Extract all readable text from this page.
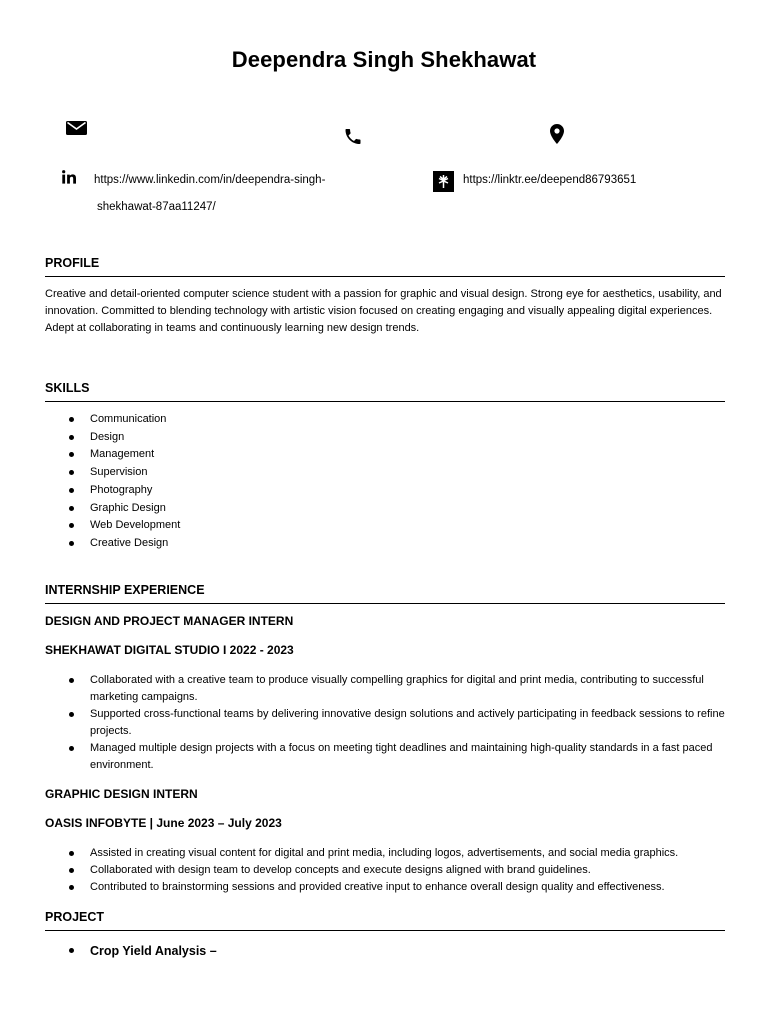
Deependra Singh Shekhawat
https://www.linkedin.com/in/deependra-singh-
shekhawat-87aa11247/
https://linktr.ee/deepend86793651
PROFILE
Creative and detail-oriented computer science student with a passion for graphic and visual design. Strong eye for aesthetics, usability, and innovation. Committed to blending technology with artistic vision focused on creating engaging and visually appealing digital experiences. Adept at collaborating in teams and continuously learning new design trends.
SKILLS
Communication
Design
Management
Supervision
Photography
Graphic Design
Web Development
Creative Design
INTERNSHIP EXPERIENCE
DESIGN AND PROJECT MANAGER INTERN
SHEKHAWAT DIGITAL STUDIO I 2022 - 2023
Collaborated with a creative team to produce visually compelling graphics for digital and print media, contributing to successful marketing campaigns.
Supported cross-functional teams by delivering innovative design solutions and actively participating in feedback sessions to refine projects.
Managed multiple design projects with a focus on meeting tight deadlines and maintaining high-quality standards in a fast paced environment.
GRAPHIC DESIGN INTERN
OASIS INFOBYTE | June 2023 – July 2023
Assisted in creating visual content for digital and print media, including logos, advertisements, and social media graphics.
Collaborated with design team to develop concepts and execute designs aligned with brand guidelines.
Contributed to brainstorming sessions and provided creative input to enhance overall design quality and effectiveness.
PROJECT
Crop Yield Analysis –
